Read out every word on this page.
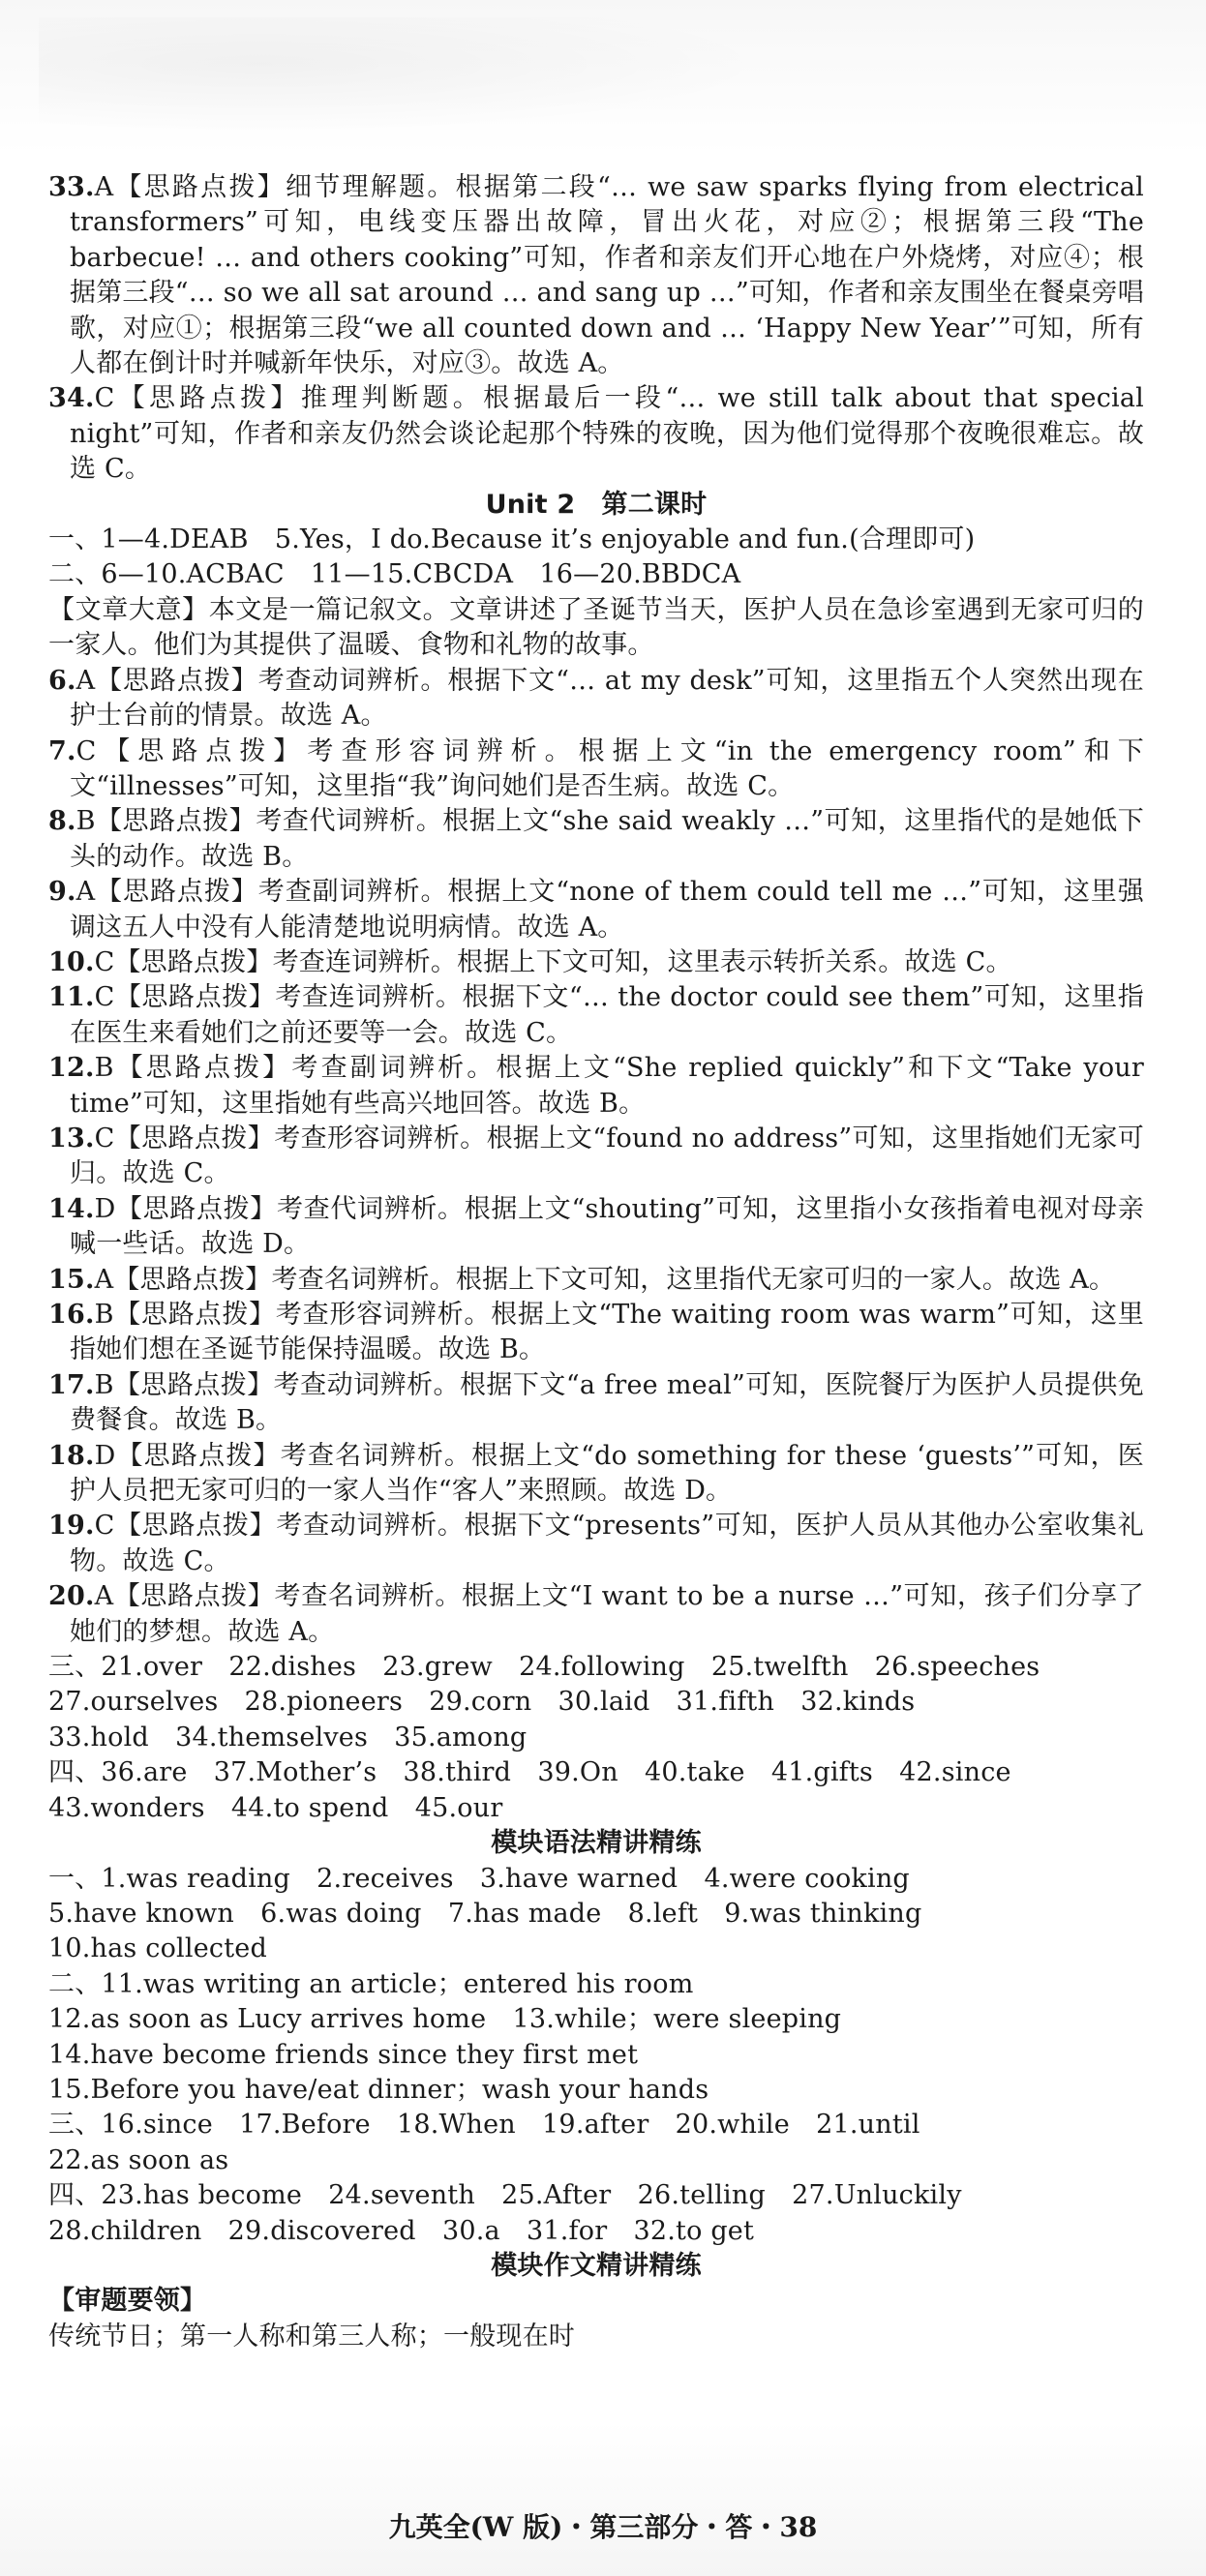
33.A【思路点拨】细节理解题。根据第二段“… we saw sparks flying from electrical transformers”可知，电线变压器出故障，冒出火花，对应②；根据第三段“The barbecue! … and others cooking”可知，作者和亲友们开心地在户外烧烤，对应④；根据第三段“… so we all sat around … and sang up …”可知，作者和亲友围坐在餐桌旁唱歌，对应①；根据第三段“we all counted down and … ‘Happy New Year’”可知，所有人都在倒计时并喊新年快乐，对应③。故选 A。
34.C【思路点拨】推理判断题。根据最后一段“… we still talk about that special night”可知，作者和亲友仍然会谈论起那个特殊的夜晚，因为他们觉得那个夜晚很难忘。故选 C。
Unit 2　第二课时
一、1—4.DEAB　5.Yes，I do.Because it’s enjoyable and fun.(合理即可)
二、6—10.ACBAC　11—15.CBCDA　16—20.BBDCA
【文章大意】本文是一篇记叙文。文章讲述了圣诞节当天，医护人员在急诊室遇到无家可归的一家人。他们为其提供了温暖、食物和礼物的故事。
6.A【思路点拨】考查动词辨析。根据下文“… at my desk”可知，这里指五个人突然出现在护士台前的情景。故选 A。
7.C【思路点拨】考查形容词辨析。根据上文“in the emergency room”和下文“illnesses”可知，这里指“我”询问她们是否生病。故选 C。
8.B【思路点拨】考查代词辨析。根据上文“she said weakly …”可知，这里指代的是她低下头的动作。故选 B。
9.A【思路点拨】考查副词辨析。根据上文“none of them could tell me …”可知，这里强调这五人中没有人能清楚地说明病情。故选 A。
10.C【思路点拨】考查连词辨析。根据上下文可知，这里表示转折关系。故选 C。
11.C【思路点拨】考查连词辨析。根据下文“… the doctor could see them”可知，这里指在医生来看她们之前还要等一会。故选 C。
12.B【思路点拨】考查副词辨析。根据上文“She replied quickly”和下文“Take your time”可知，这里指她有些高兴地回答。故选 B。
13.C【思路点拨】考查形容词辨析。根据上文“found no address”可知，这里指她们无家可归。故选 C。
14.D【思路点拨】考查代词辨析。根据上文“shouting”可知，这里指小女孩指着电视对母亲喊一些话。故选 D。
15.A【思路点拨】考查名词辨析。根据上下文可知，这里指代无家可归的一家人。故选 A。
16.B【思路点拨】考查形容词辨析。根据上文“The waiting room was warm”可知，这里指她们想在圣诞节能保持温暖。故选 B。
17.B【思路点拨】考查动词辨析。根据下文“a free meal”可知，医院餐厅为医护人员提供免费餐食。故选 B。
18.D【思路点拨】考查名词辨析。根据上文“do something for these ‘guests’”可知，医护人员把无家可归的一家人当作“客人”来照顾。故选 D。
19.C【思路点拨】考查动词辨析。根据下文“presents”可知，医护人员从其他办公室收集礼物。故选 C。
20.A【思路点拨】考查名词辨析。根据上文“I want to be a nurse …”可知，孩子们分享了她们的梦想。故选 A。
三、21.over　22.dishes　23.grew　24.following　25.twelfth　26.speeches
27.ourselves　28.pioneers　29.corn　30.laid　31.fifth　32.kinds
33.hold　34.themselves　35.among
四、36.are　37.Mother’s　38.third　39.On　40.take　41.gifts　42.since
43.wonders　44.to spend　45.our
模块语法精讲精练
一、1.was reading　2.receives　3.have warned　4.were cooking
5.have known　6.was doing　7.has made　8.left　9.was thinking
10.has collected
二、11.was writing an article；entered his room
12.as soon as Lucy arrives home　13.while；were sleeping
14.have become friends since they first met
15.Before you have/eat dinner；wash your hands
三、16.since　17.Before　18.When　19.after　20.while　21.until
22.as soon as
四、23.has become　24.seventh　25.After　26.telling　27.Unluckily
28.children　29.discovered　30.a　31.for　32.to get
模块作文精讲精练
【审题要领】
传统节日；第一人称和第三人称；一般现在时
九英全(W 版)・第三部分・答・38
